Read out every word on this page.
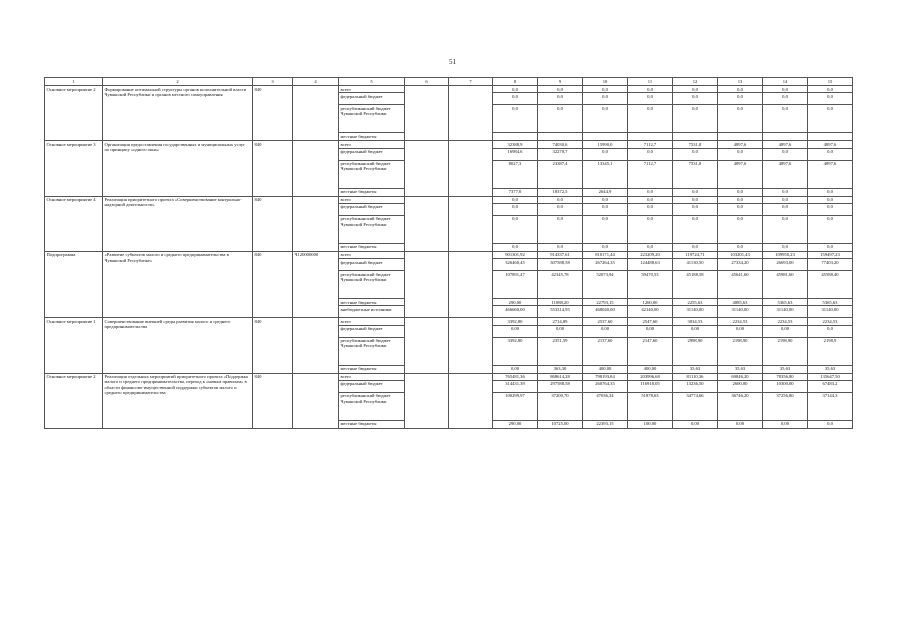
51
1	2	3	4	5	6	7	8	9	10	11	12	13	14	15
Основное мероприятие 2	Формирование оптимальной структуры органов исполнительной власти Чувашской Республики и органов местного самоуправления	840		всего			0,0	0,0	0,0	0,0	0,0	0,0	0,0	0,0
				федеральный бюджет			0,0	0,0	0,0	0,0	0,0	0,0	0,0	0,0
				республиканский бюджет Чувашской Республики			0,0	0,0	0,0	0,0	0,0	0,0	0,0	0,0
				местные бюджеты										
Основное мероприятие 3	Организация предоставления государственных и муниципальных услуг по принципу «одного окна»	840		всего			32388,9	74030,6	15990,0	7112,7	7531,8	4897,6	4897,6	4897,6
				федеральный бюджет			16984,6	32270,7	0,0	0,0	0,0	0,0	0,0	0,0
				республиканский бюджет Чувашской Республики			8027,3	23387,4	13345,1	7112,7	7531,8	4897,6	4897,6	4897,6
				местные бюджеты			7377,0	18372,5	2644,9	0,0	0,0	0,0	0,0	0,0
Основное мероприятие 4	Реализация приоритетного проекта «Совершенствование контрольно-надзорной деятельности»	840		всего			0,0	0,0	0,0	0,0	0,0	0,0	0,0	0,0
				федеральный бюджет			0,0	0,0	0,0	0,0	0,0	0,0	0,0	0,0
				республиканский бюджет Чувашской Республики			0,0	0,0	0,0	0,0	0,0	0,0	0,0	0,0
				местные бюджеты			0,0	0,0	0,0	0,0	0,0	0,0	0,0	0,0
Подпрограмма	«Развитие субъектов малого и среднего предпринимательства в Чувашской Республике»	840	Ч120000000	всего			901301,92	914337,61	810171,44	223209,20	119724,71	103201,43	109950,23	159497,23
				федеральный бюджет			326460,45	307588,58	267264,35	124488,63	41130,50	27334,20	26693,00	77403,20
				республиканский бюджет Чувашской Республики			107891,47	42345,78	52073,94	59470,53	45188,58	45641,60	45981,60	45588,40
				местные бюджеты			290,00	11088,20	22793,15	1260,00	2255,63	4885,63	5365,63	5365,63
				внебюджетные источники			466660,00	553314,95	468040,00	42140,00	31140,00	31140,00	31140,00	31140,00
Основное мероприятие 1	Совершенствование внешней среды развития малого и среднего предпринимательства	840		всего			3392,80	2714,89	2537,60	2547,60	3034,53	2234,53	2234,53	2234,53
				федеральный бюджет			0,00	0,00	0,00	0,00	0,00	0,00	0,00	0,0
				республиканский бюджет Чувашской Республики			3392,80	2351,59	2137,60	2147,60	2998,90	2198,90	2198,90	2198,9
				местные бюджеты			0,00	363,30	400,00	400,00	35,63	35,63	35,63	35,63
Основное мероприятие 2	Реализация отдельных мероприятий приоритетного проекта «Поддержка малого и среднего предпринимательства, переход к «новым правилам» в области финансово-имущественной поддержки субъектов малого и среднего предпринимательства	840		всего			765481,36	868614,28	798193,84	203996,68	81110,36	69846,20	78356,80	135647,50
				федеральный бюджет			314431,39	297588,58	260764,35	116918,05	13236,50	2600,00	10300,00	67483,2
				республиканский бюджет Чувашской Республики			100299,97	37200,70	47036,34	51878,63	34774,66	36746,20	37256,80	37144,3
				местные бюджеты			290,00	10725,00	22393,15	100,00	0,00	0,00	0,00	0,0
